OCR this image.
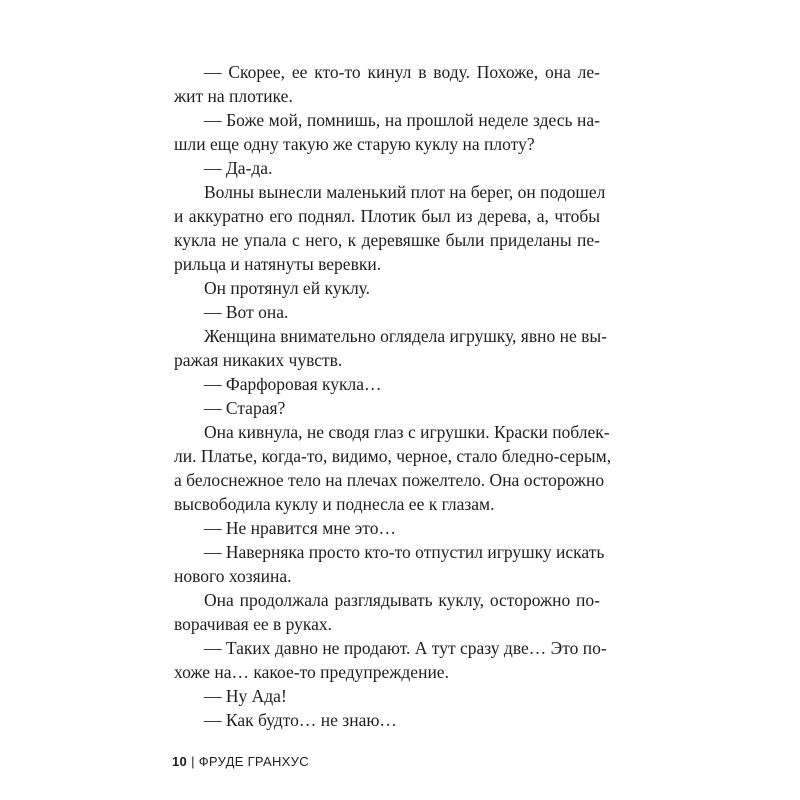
— Скорее, ее кто-то кинул в воду. Похоже, она ле-
жит на плотике.
— Боже мой, помнишь, на прошлой неделе здесь на-
шли еще одну такую же старую куклу на плоту?
— Да-да.
Волны вынесли маленький плот на берег, он подошел
и аккуратно его поднял. Плотик был из дерева, а, чтобы
кукла не упала с него, к деревяшке были приделаны пе-
рильца и натянуты веревки.
Он протянул ей куклу.
— Вот она.
Женщина внимательно оглядела игрушку, явно не вы-
ражая никаких чувств.
— Фарфоровая кукла…
— Старая?
Она кивнула, не сводя глаз с игрушки. Краски поблек-
ли. Платье, когда-то, видимо, черное, стало бледно-серым,
а белоснежное тело на плечах пожелтело. Она осторожно
высвободила куклу и поднесла ее к глазам.
— Не нравится мне это…
— Наверняка просто кто-то отпустил игрушку искать
нового хозяина.
Она продолжала разглядывать куклу, осторожно по-
ворачивая ее в руках.
— Таких давно не продают. А тут сразу две… Это по-
хоже на… какое-то предупреждение.
— Ну Ада!
— Как будто… не знаю…
10 | ФРУДЕ ГРАНХУС
